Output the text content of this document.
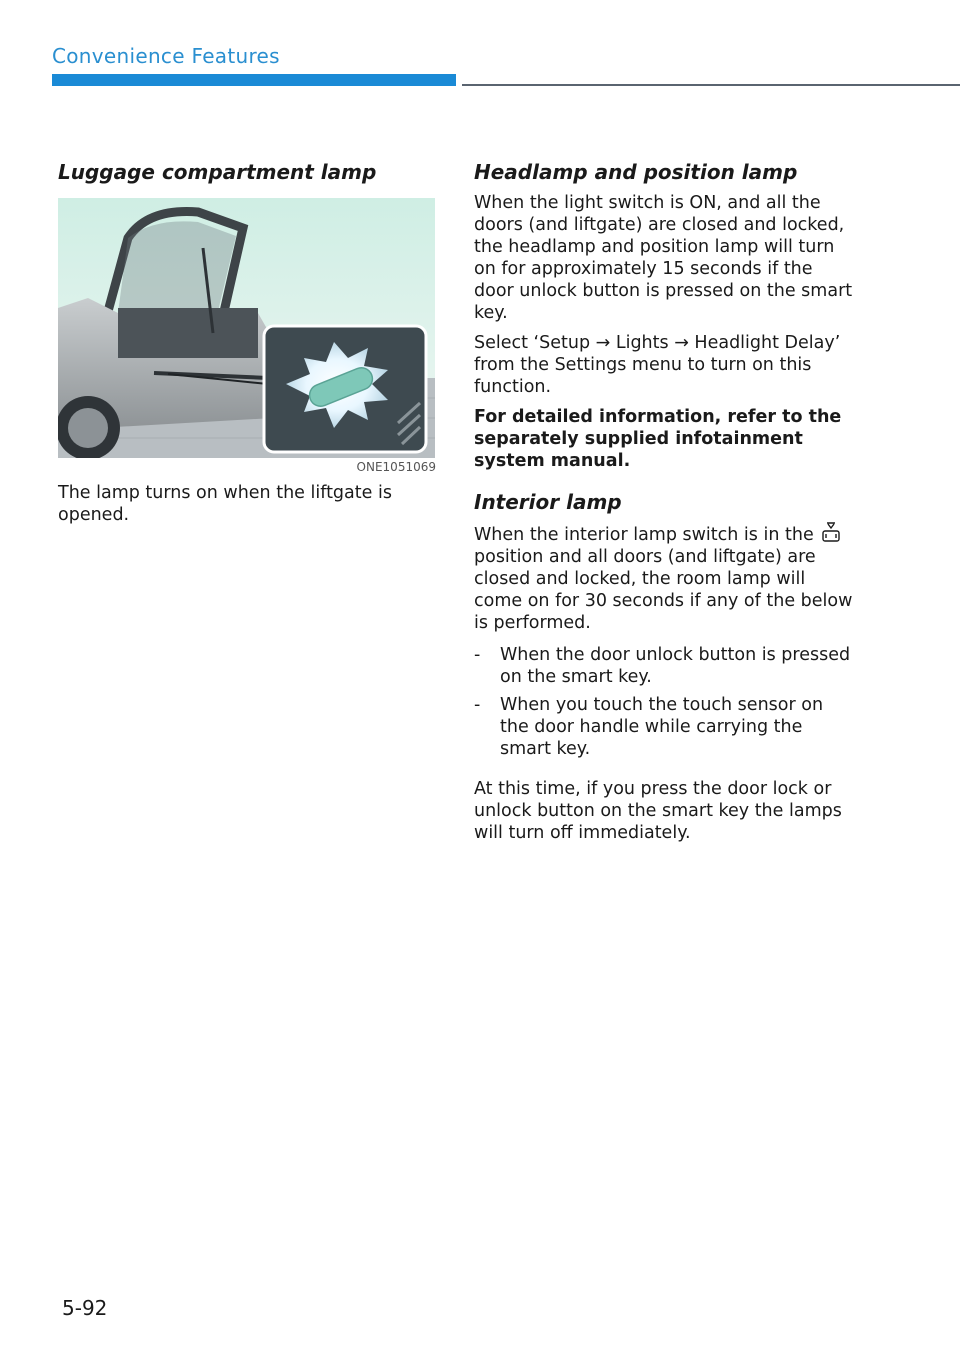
Convenience Features
Luggage compartment lamp
ONE1051069

The lamp turns on when the liftgate is opened.

Headlamp and position lamp

When the light switch is ON, and all the doors (and liftgate) are closed and locked, the headlamp and position lamp will turn on for approximately 15 seconds if the door unlock button is pressed on the smart key.

Select ‘Setup → Lights → Headlight Delay’ from the Settings menu to turn on this function.

For detailed information, refer to the separately supplied infotainment system manual.

Interior lamp

When the interior lamp switch is in the  position and all doors (and liftgate) are closed and locked, the room lamp will come on for 30 seconds if any of the below is performed.

-	When the door unlock button is pressed on the smart key.
-	When you touch the touch sensor on the door handle while carrying the smart key.

At this time, if you press the door lock or unlock button on the smart key the lamps will turn off immediately.

5-92
